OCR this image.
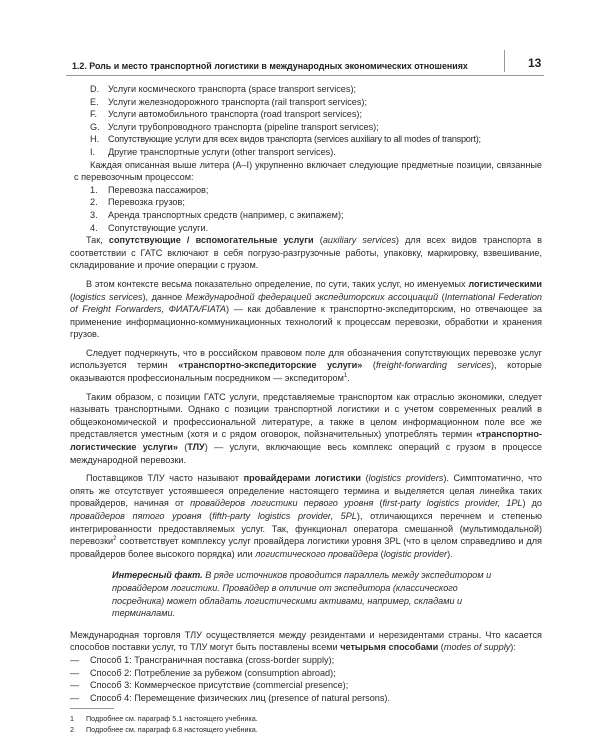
1.2. Роль и место транспортной логистики в международных экономических отношениях	13
D. Услуги космического транспорта (space transport services);
E.	Услуги железнодорожного транспорта (rail transport services);
F.	Услуги автомобильного транспорта (road transport services);
G. Услуги трубопроводного транспорта (pipeline transport services);
H. Сопутствующие услуги для всех видов транспорта (services auxiliary to all modes of transport);
I.	Другие транспортные услуги (other transport services).

Каждая описанная выше литера (A–I) укрупненно включает следующие предметные позиции, связанные с перевозочным процессом:

1.	Перевозка пассажиров;
2.	Перевозка грузов;
3.	Аренда транспортных средств (например, с экипажем);
4.	Сопутствующие услуги.

Так, сопутствующие / вспомогательные услуги (auxiliary services) для всех видов транспорта в соответствии с ГАТС включают в себя погрузо-разгрузочные работы, упаковку, маркировку, взвешивание, складирование и прочие операции с грузом.

В этом контексте весьма показательно определение, по сути, таких услуг, но именуемых логистическими (logistics services), данное Международной федерацией экспедиторских ассоциаций (International Federation of Freight Forwarders, ФИАТА/FIATA) — как добавление к транспортно-экспедиторским, но отвечающее за применение информационно-коммуникационных технологий к процессам перевозки, обработки и хранения грузов.

Следует подчеркнуть, что в российском правовом поле для обозначения сопутствующих перевозке услуг используется термин «транспортно-экспедиторские услуги» (freight-forwarding services), которые оказываются профессиональным посредником — экспедитором$^1$.

Таким образом, с позиции ГАТС услуги, представляемые транспортом как отраслью экономики, следует называть транспортными. Однако с позиции транспортной логистики и с учетом современных реалий в общеэкономической и профессиональной литературе, а также в целом информационном поле все же представляется уместным (хотя и с рядом оговорок, пойзначительных) употреблять термин «транспортно-логистические услуги» (ТЛУ) — услуги, включающие весь комплекс операций с грузом в процессе международной перевозки.

Поставщиков ТЛУ часто называют провайдерами логистики (logistics providers). Симптоматично, что опять же отсутствует устоявшееся определение настоящего термина и выделяется целая линейка таких провайдеров, начиная от провайдеров логистики первого уровня (first-party logistics provider, 1PL) до провайдеров пятого уровня (fifth-party logistics provider, 5PL), отличающихся перечнем и степенью интегрированности предоставляемых услуг. Так, функционал оператора смешанной (мультимодальной) перевозки$^2$ соответствует комплексу услуг провайдера логистики уровня 3PL (что в целом справедливо и для провайдеров более высокого порядка) или логистического провайдера (logistic provider).

Интересный факт. В ряде источников проводится параллель между экспедитором и провайдером логистики. Провайдер в отличие от экспедитора (классического посредника) может обладать логистическими активами, например, складами и терминалами.

Международная торговля ТЛУ осуществляется между резидентами и нерезидентами страны. Что касается способов поставки услуг, то ТЛУ могут быть поставлены всеми четырьмя способами (modes of supply):

—	Способ 1: Трансграничная поставка (cross-border supply);
—	Способ 2: Потребление за рубежом (consumption abroad);
—	Способ 3: Коммерческое присутствие (commercial presence);
—	Способ 4: Перемещение физических лиц (presence of natural persons).
1	Подробнее см. параграф 5.1 настоящего учебника.
2	Подробнее см. параграф 6.8 настоящего учебника.
